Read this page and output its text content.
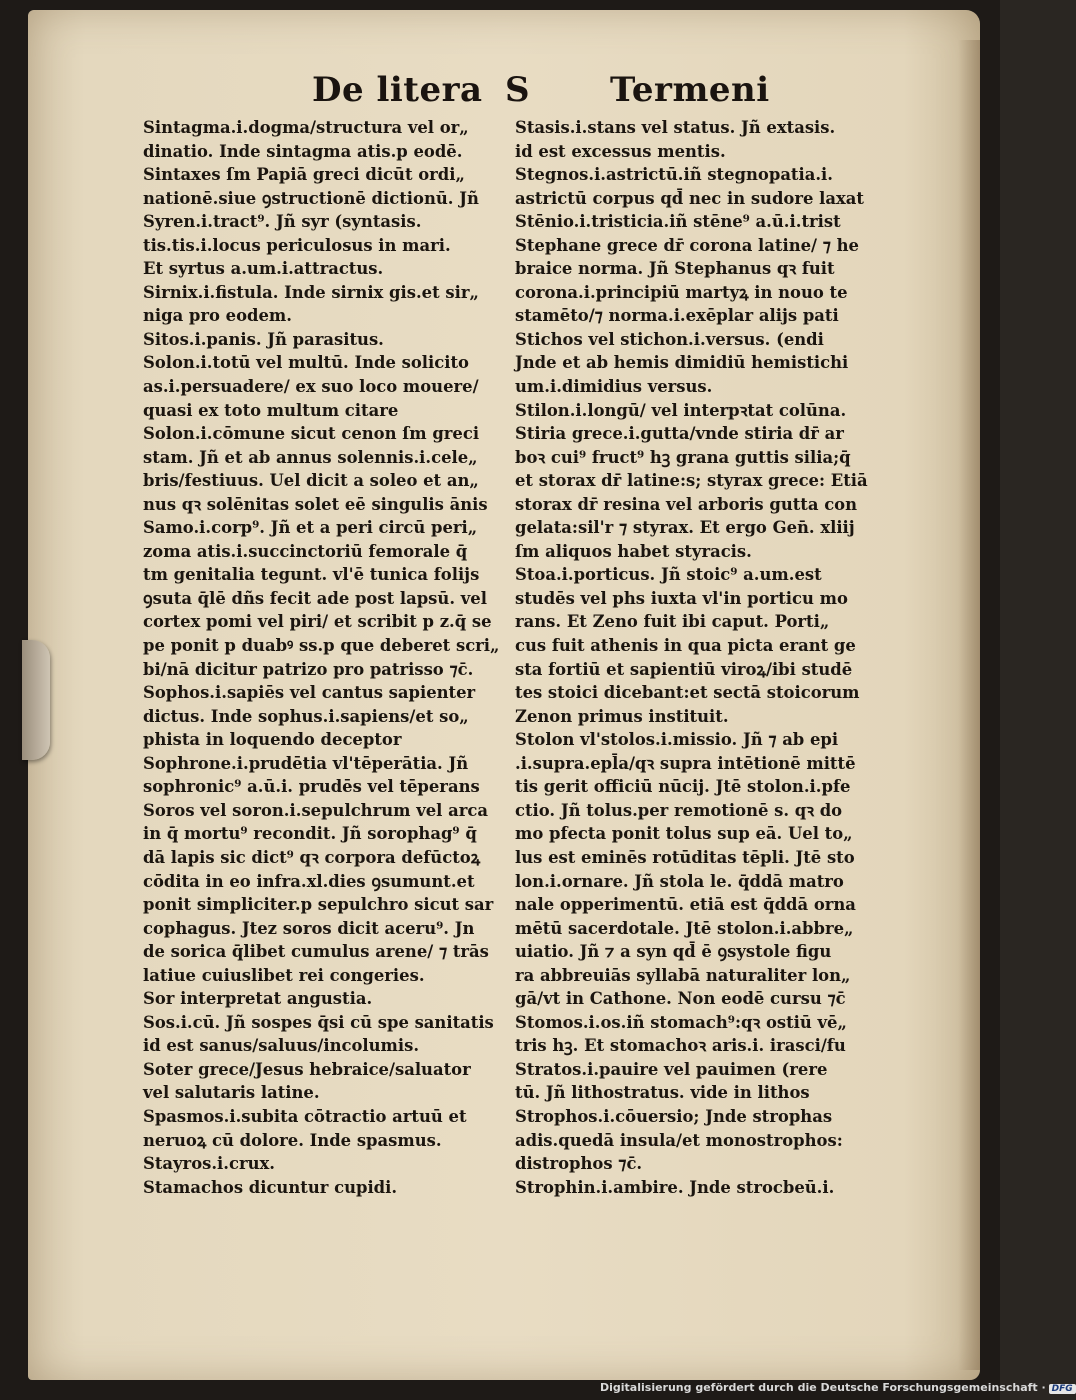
De litera S Termeni
Sintagma.i.dogma/structura vel or„
dinatio. Inde sintagma atis.p eodē.
Sintaxes ſm Papiā greci dicūt ordi„
nationē.siue ꝯstructionē dictionū. Jñ
Syren.i.tract⁹. Jñ syr (syntasis.
tis.tis.i.locus periculosus in mari.
Et syrtus a.um.i.attractus.
Sirnix.i.fistula. Inde sirnix gis.et sir„
niga pro eodem.
Sitos.i.panis. Jñ parasitus.
Solon.i.totū vel multū. Inde solicito
as.i.persuadere/ ex suo loco mouere/
quasi ex toto multum citare
Solon.i.cōmune sicut cenon ſm greci
stam. Jñ et ab annus solennis.i.cele„
bris/festiuus. Uel dicit a soleo et an„
nus qꝛ solēnitas solet eē singulis ānis
Samo.i.corp⁹. Jñ et a peri circū peri„
zoma atis.i.succinctoriū femorale q̄
tm genitalia tegunt. vl'ē tunica folijs
ꝯsuta q̄lē dñs fecit ade post lapsū. vel
cortex pomi vel piri/ et scribit p z.q̄ se
pe ponit p duabꝰ ss.p que deberet scri„
bi/nā dicitur patrizo pro patrisso ⁊c̄.
Sophos.i.sapiēs vel cantus sapienter
dictus. Inde sophus.i.sapiens/et so„
phista in loquendo deceptor
Sophrone.i.prudētia vl'tēperātia. Jñ
sophronic⁹ a.ū.i. prudēs vel tēperans
Soros vel soron.i.sepulchrum vel arca
in q̄ mortu⁹ recondit. Jñ sorophag⁹ q̄
dā lapis sic dict⁹ qꝛ corpora defūctoꝝ
cōdita in eo infra.xl.dies ꝯsumunt.et
ponit simpliciter.p sepulchro sicut sar
cophagus. Jtez soros dicit aceru⁹. Jn
de sorica q̄libet cumulus arene/ ⁊ trās
latiue cuiuslibet rei congeries.
Sor interpretat angustia.
Sos.i.cū. Jñ sospes q̄si cū spe sanitatis
id est sanus/saluus/incolumis.
Soter grece/Jesus hebraice/saluator
vel salutaris latine.
Spasmos.i.subita cōtractio artuū et
neruoꝝ cū dolore. Inde spasmus.
Stayros.i.crux.
Stamachos dicuntur cupidi.
Stasis.i.stans vel status. Jñ extasis.
id est excessus mentis.
Stegnos.i.astrictū.iñ stegnopatia.i.
astrictū corpus qd̄ nec in sudore laxat
Stēnio.i.tristicia.iñ stēne⁹ a.ū.i.trist
Stephane grece dr̄ corona latine/ ⁊ he
braice norma. Jñ Stephanus qꝛ fuit
corona.i.principiū martyꝝ in nouo te
stamēto/⁊ norma.i.exēplar alijs pati
Stichos vel stichon.i.versus. (endi
Jnde et ab hemis dimidiū hemistichi
um.i.dimidius versus.
Stilon.i.longū/ vel interpꝛtat colūna.
Stiria grece.i.gutta/vnde stiria dr̄ ar
boꝛ cui⁹ fruct⁹ hꝫ grana guttis silia;q̄
et storax dr̄ latine:s; styrax grece: Etiā
storax dr̄ resina vel arboris gutta con
gelata:sil'r ⁊ styrax. Et ergo Gen̄. xliij
ſm aliquos habet styracis.
Stoa.i.porticus. Jñ stoic⁹ a.um.est
studēs vel phs iuxta vl'in porticu mo
rans. Et Zeno fuit ibi caput. Porti„
cus fuit athenis in qua picta erant ge
sta fortiū et sapientiū viroꝝ/ibi studē
tes stoici dicebant:et sectā stoicorum
Zenon primus instituit.
Stolon vl'stolos.i.missio. Jñ ⁊ ab epi
.i.supra.epl̄a/qꝛ supra intētionē mittē
tis gerit officiū nūcij. Jtē stolon.i.pfe
ctio. Jñ tolus.per remotionē s. qꝛ do
mo pfecta ponit tolus sup eā. Uel to„
lus est eminēs rotūditas tēpli. Jtē sto
lon.i.ornare. Jñ stola le. q̄ddā matro
nale opperimentū. etiā est q̄ddā orna
mētū sacerdotale. Jtē stolon.i.abbre„
uiatio. Jñ ⁊ a syn qd̄ ē ꝯsystole figu
ra abbreuiās syllabā naturaliter lon„
gā/vt in Cathone. Non eodē cursu ⁊c̄
Stomos.i.os.iñ stomach⁹:qꝛ ostiū vē„
tris hꝫ. Et stomachoꝛ aris.i. irasci/fu
Stratos.i.pauire vel pauimen (rere
tū. Jñ lithostratus. vide in lithos
Strophos.i.cōuersio; Jnde strophas
adis.quedā insula/et monostrophos:
distrophos ⁊c̄.
Strophin.i.ambire. Jnde strocbeū.i.
Digitalisierung gefördert durch die Deutsche Forschungsgemeinschaft · DFG
